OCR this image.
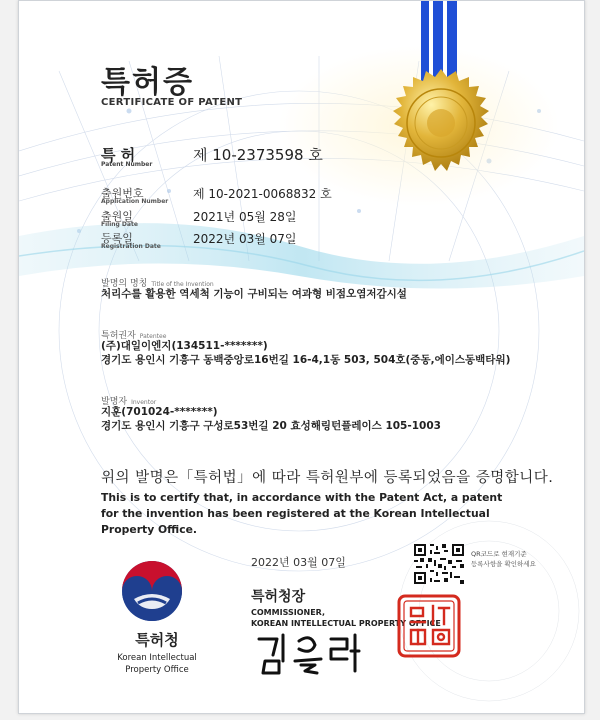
특허증
CERTIFICATE OF PATENT
특 허
Patent Number
제 10-2373598 호
출원번호
Application Number
제 10-2021-0068832 호
출원일
Filing Date
2021년 05월 28일
등록일
Registration Date
2022년 03월 07일
발명의 명칭 Title of the Invention
처리수를 활용한 역세척 기능이 구비되는 여과형 비점오염저감시설
특허권자 Patentee
(주)대일이엔지(134511-*******)
경기도 용인시 기흥구 동백중앙로16번길 16-4,1동 503, 504호(중동,에이스동백타워)
발명자 Inventor
지훈(701024-*******)
경기도 용인시 기흥구 구성로53번길 20 효성해링턴플레이스 105-1003
위의 발명은「특허법」에 따라 특허원부에 등록되었음을 증명합니다.
This is to certify that, in accordance with the Patent Act, a patent for the invention has been registered at the Korean Intellectual Property Office.
2022년 03월 07일
QR코드로 현재기준
등록사항을 확인하세요
특허청
Korean Intellectual
Property Office
특허청장
COMMISSIONER,
KOREAN INTELLECTUAL PROPERTY OFFICE
